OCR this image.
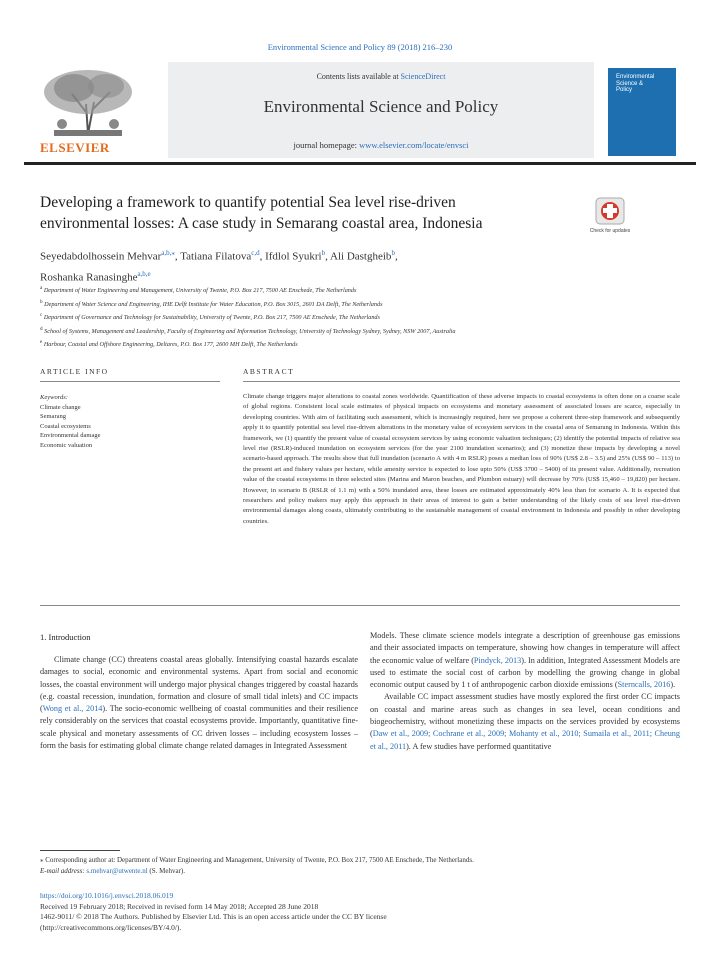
Environmental Science and Policy 89 (2018) 216–230
ELSEVIER
Contents lists available at ScienceDirect
Environmental Science and Policy
journal homepage: www.elsevier.com/locate/envsci
Environmental
Science &
Policy
Developing a framework to quantify potential Sea level rise-driven
environmental losses: A case study in Semarang coastal area, Indonesia	Check for updates
Seyedabdolhossein Mehvar$^{a,b,⁎}$, Tatiana Filatova$^{c,d}$, Ifdlol Syukri$^b$, Ali Dastgheib$^b$,
Roshanka Ranasinghe$^{a,b,e}$
$^a$ Department of Water Engineering and Management, University of Twente, P.O. Box 217, 7500 AE Enschede, The Netherlands
$^b$ Department of Water Science and Engineering, IHE Delft Institute for Water Education, P.O. Box 3015, 2601 DA Delft, The Netherlands
$^c$ Department of Governance and Technology for Sustainability, University of Twente, P.O. Box 217, 7500 AE Enschede, The Netherlands
$^d$ School of Systems, Management and Leadership, Faculty of Engineering and Information Technology, University of Technology Sydney, Sydney, NSW 2007, Australia
$^e$ Harbour, Coastal and Offshore Engineering, Deltares, P.O. Box 177, 2600 MH Delft, The Netherlands
ARTICLE INFO	ABSTRACT
Keywords:
Climate change
Semarang
Coastal ecosystems
Environmental damage
Economic valuation
Climate change triggers major alterations to coastal zones worldwide. Quantification of these adverse impacts to coastal ecosystems is often done on a coarse scale of global regions. Consistent local scale estimates of physical impacts on ecosystems and monetary assessment of associated losses are scarce, especially in developing countries. With aim of facilitating such assessment, which is increasingly required, here we propose a coherent three-step framework and subsequently apply it to quantify potential sea level rise-driven alterations in the monetary value of ecosystem services in the coastal area of Semarang in Indonesia. Within this framework, we (1) quantify the present value of coastal ecosystem services by using economic valuation techniques; (2) identify the potential impacts of relative sea level rise (RSLR)-induced inundation on ecosystem services (for the year 2100 inundation scenarios); and (3) monetize these impacts by developing a novel scenario-based approach. The results show that full inundation (scenario A with 4 m RSLR) poses a median loss of 90% (US$ 2.8 – 3.5) and 25% (US$ 90 – 113) to the present art and fishery values per hectare, while amenity service is expected to lose upto 50% (US$ 3700 – 5400) of its present value. Additionally, recreation value of the coastal ecosystems in three selected sites (Marina and Maron beaches, and Plumbon estuary) will decrease by 70% (US$ 15,460 – 19,820) per hectare. However, in scenario B (RSLR of 1.1 m) with a 50% inundated area, these losses are estimated approximately 40% less than for scenario A. It is expected that researchers and policy makers may apply this approach in their areas of interest to gain a better understanding of the likely costs of sea level rise-driven environmental damages along coasts, ultimately contributing to the sustainable management of coastal environment in Indonesia and possibly in other developing countries.
1. Introduction

Climate change (CC) threatens coastal areas globally. Intensifying coastal hazards escalate damages to social, economic and environmental systems. Apart from social and economic losses, the coastal environment will undergo major physical changes triggered by coastal hazards (e.g. coastal recession, inundation, formation and closure of small tidal inlets) and CC impacts (Wong et al., 2014). The socio-economic wellbeing of coastal communities and their resilience rely considerably on the services that coastal ecosystems provide. Importantly, quantitative fine-scale physical and monetary assessments of CC driven losses – including ecosystem losses – form the basis for estimating global climate change related damages in Integrated Assessment

Models. These climate science models integrate a description of greenhouse gas emissions and their associated impacts on temperature, showing how changes in temperature will affect the economic value of welfare (Pindyck, 2013). In addition, Integrated Assessment Models are used to estimate the social cost of carbon by modelling the growing change in global economic output caused by 1 t of anthropogenic carbon dioxide emissions (Sterncalls, 2016).

Available CC impact assessment studies have mostly explored the first order CC impacts on coastal and marine areas such as changes in sea level, ocean conditions and biogeochemistry, without monetizing these impacts on the services provided by ecosystems (Daw et al., 2009; Cochrane et al., 2009; Mohanty et al., 2010; Sumaila et al., 2011; Cheung et al., 2011). A few studies have performed quantitative

⁎ Corresponding author at: Department of Water Engineering and Management, University of Twente, P.O. Box 217, 7500 AE Enschede, The Netherlands.
E-mail address: s.mehvar@utwente.nl (S. Mehvar).
https://doi.org/10.1016/j.envsci.2018.06.019
Received 19 February 2018; Received in revised form 14 May 2018; Accepted 28 June 2018
1462-9011/ © 2018 The Authors. Published by Elsevier Ltd. This is an open access article under the CC BY license
(http://creativecommons.org/licenses/BY/4.0/).
